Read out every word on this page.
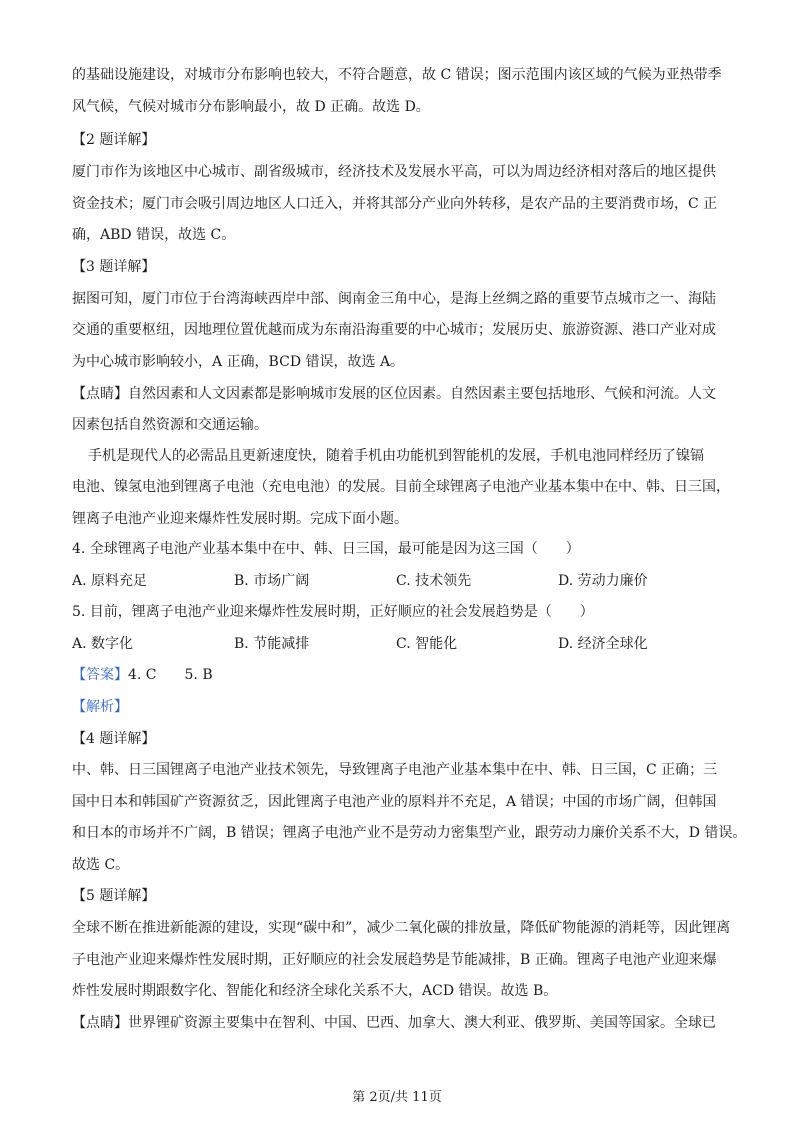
的基础设施建设，对城市分布影响也较大，不符合题意，故 C 错误；图示范围内该区域的气候为亚热带季
风气候，气候对城市分布影响最小，故 D 正确。故选 D。
【2 题详解】
厦门市作为该地区中心城市、副省级城市，经济技术及发展水平高，可以为周边经济相对落后的地区提供
资金技术；厦门市会吸引周边地区人口迁入，并将其部分产业向外转移，是农产品的主要消费市场，C 正
确，ABD 错误，故选 C。
【3 题详解】
据图可知，厦门市位于台湾海峡西岸中部、闽南金三角中心，是海上丝绸之路的重要节点城市之一、海陆
交通的重要枢纽，因地理位置优越而成为东南沿海重要的中心城市；发展历史、旅游资源、港口产业对成
为中心城市影响较小，A 正确，BCD 错误，故选 A。
【点睛】自然因素和人文因素都是影响城市发展的区位因素。自然因素主要包括地形、气候和河流。人文
因素包括自然资源和交通运输。
手机是现代人的必需品且更新速度快，随着手机由功能机到智能机的发展，手机电池同样经历了镍镉
电池、镍氢电池到锂离子电池（充电电池）的发展。目前全球锂离子电池产业基本集中在中、韩、日三国，
锂离子电池产业迎来爆炸性发展时期。完成下面小题。
4. 全球锂离子电池产业基本集中在中、韩、日三国，最可能是因为这三国（　　）
A. 原料充足	B. 市场广阔	C. 技术领先	D. 劳动力廉价
5. 目前，锂离子电池产业迎来爆炸性发展时期，正好顺应的社会发展趋势是（　　）
A. 数字化	B. 节能减排	C. 智能化	D. 经济全球化
【答案】4. C　　5. B
【解析】
【4 题详解】
中、韩、日三国锂离子电池产业技术领先，导致锂离子电池产业基本集中在中、韩、日三国，C 正确；三
国中日本和韩国矿产资源贫乏，因此锂离子电池产业的原料并不充足，A 错误；中国的市场广阔，但韩国
和日本的市场并不广阔，B 错误；锂离子电池产业不是劳动力密集型产业，跟劳动力廉价关系不大，D 错误。
故选 C。
【5 题详解】
全球不断在推进新能源的建设，实现“碳中和”，减少二氧化碳的排放量，降低矿物能源的消耗等，因此锂离
子电池产业迎来爆炸性发展时期，正好顺应的社会发展趋势是节能减排，B 正确。锂离子电池产业迎来爆
炸性发展时期跟数字化、智能化和经济全球化关系不大，ACD 错误。故选 B。
【点睛】世界锂矿资源主要集中在智利、中国、巴西、加拿大、澳大利亚、俄罗斯、美国等国家。全球已
第 2页/共 11页
